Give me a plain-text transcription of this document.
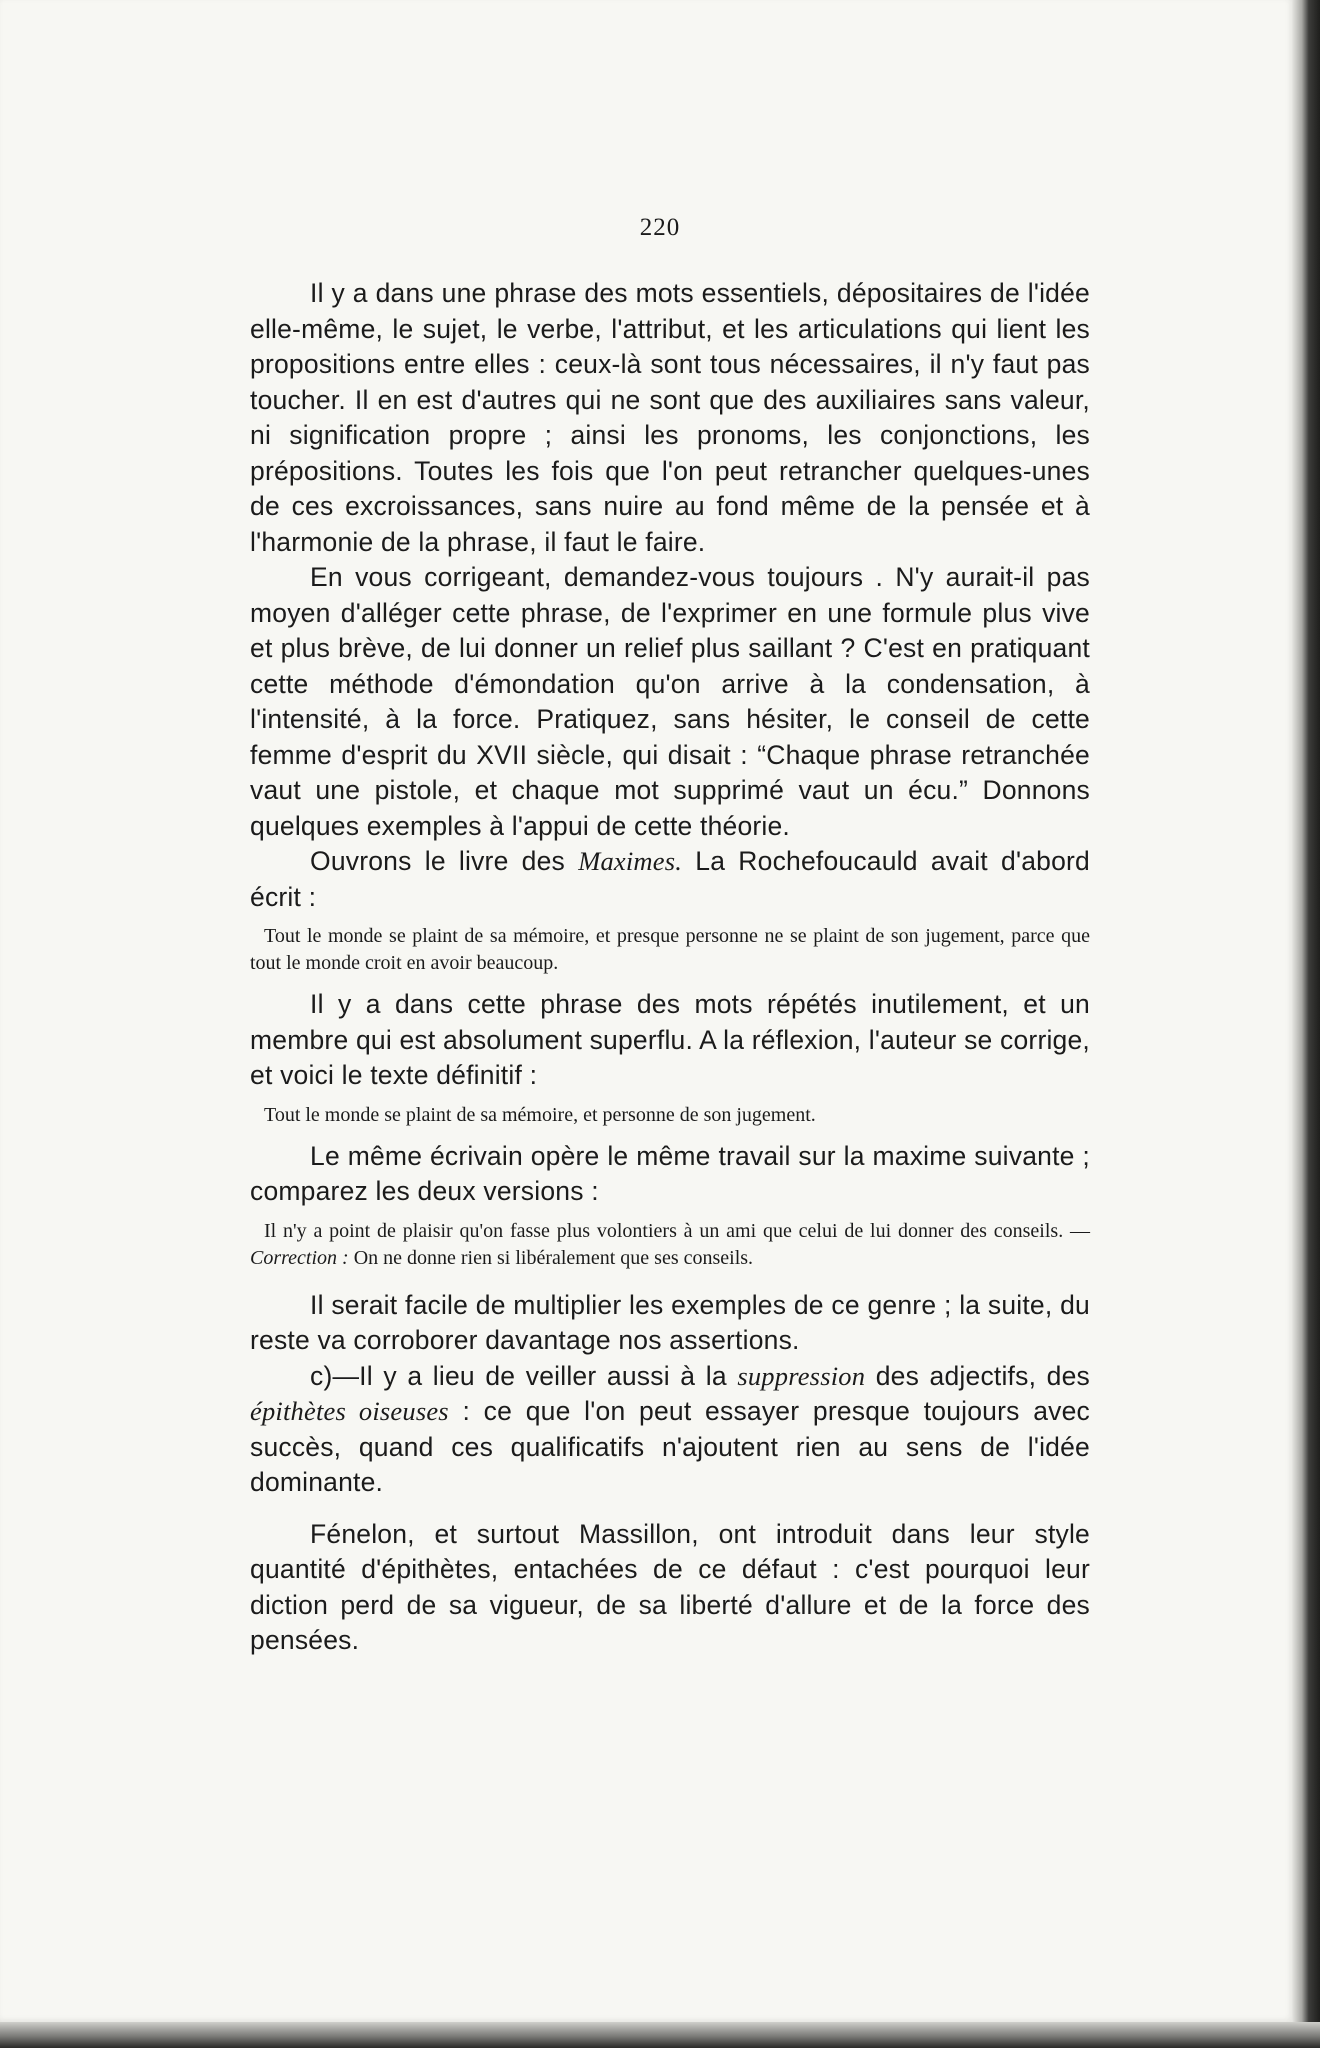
220

Il y a dans une phrase des mots essentiels, dépositaires de l'idée elle-même, le sujet, le verbe, l'attribut, et les articulations qui lient les propositions entre elles : ceux-là sont tous nécessaires, il n'y faut pas toucher. Il en est d'autres qui ne sont que des auxiliaires sans valeur, ni signification propre ; ainsi les pronoms, les conjonctions, les prépositions. Toutes les fois que l'on peut retrancher quelques-unes de ces excroissances, sans nuire au fond même de la pensée et à l'harmonie de la phrase, il faut le faire.

En vous corrigeant, demandez-vous toujours . N'y aurait-il pas moyen d'alléger cette phrase, de l'exprimer en une formule plus vive et plus brève, de lui donner un relief plus saillant ? C'est en pratiquant cette méthode d'émondation qu'on arrive à la condensation, à l'intensité, à la force. Pratiquez, sans hésiter, le conseil de cette femme d'esprit du XVII siècle, qui disait : “Chaque phrase retranchée vaut une pistole, et chaque mot supprimé vaut un écu.” Donnons quelques exemples à l'appui de cette théorie.

Ouvrons le livre des Maximes. La Rochefoucauld avait d'abord écrit :

Tout le monde se plaint de sa mémoire, et presque personne ne se plaint de son jugement, parce que tout le monde croit en avoir beaucoup.

Il y a dans cette phrase des mots répétés inutilement, et un membre qui est absolument superflu. A la réflexion, l'auteur se corrige, et voici le texte définitif :

Tout le monde se plaint de sa mémoire, et personne de son jugement.

Le même écrivain opère le même travail sur la maxime suivante ; comparez les deux versions :

Il n'y a point de plaisir qu'on fasse plus volontiers à un ami que celui de lui donner des conseils. — Correction : On ne donne rien si libéralement que ses conseils.

Il serait facile de multiplier les exemples de ce genre ; la suite, du reste va corroborer davantage nos assertions.

c)—Il y a lieu de veiller aussi à la suppression des adjectifs, des épithètes oiseuses : ce que l'on peut essayer presque toujours avec succès, quand ces qualificatifs n'ajoutent rien au sens de l'idée dominante.

Fénelon, et surtout Massillon, ont introduit dans leur style quantité d'épithètes, entachées de ce défaut : c'est pourquoi leur diction perd de sa vigueur, de sa liberté d'allure et de la force des pensées.
